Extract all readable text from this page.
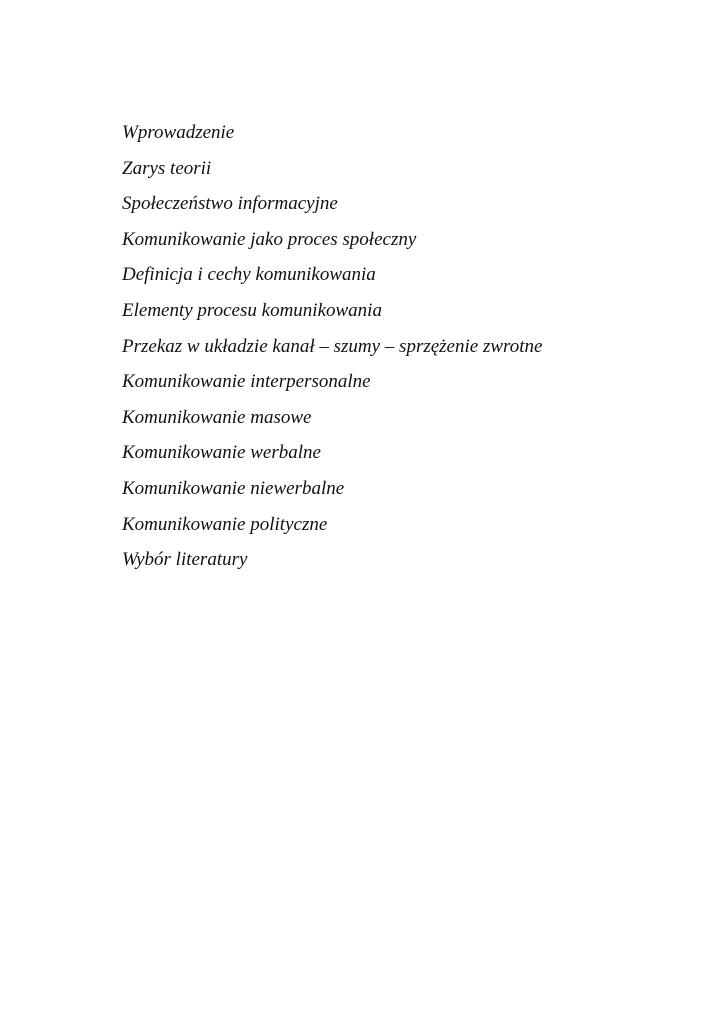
Wprowadzenie
Zarys teorii
Społeczeństwo informacyjne
Komunikowanie jako proces społeczny
Definicja i cechy komunikowania
Elementy procesu komunikowania
Przekaz w układzie kanał – szumy – sprzężenie zwrotne
Komunikowanie interpersonalne
Komunikowanie masowe
Komunikowanie werbalne
Komunikowanie niewerbalne
Komunikowanie polityczne
Wybór literatury
